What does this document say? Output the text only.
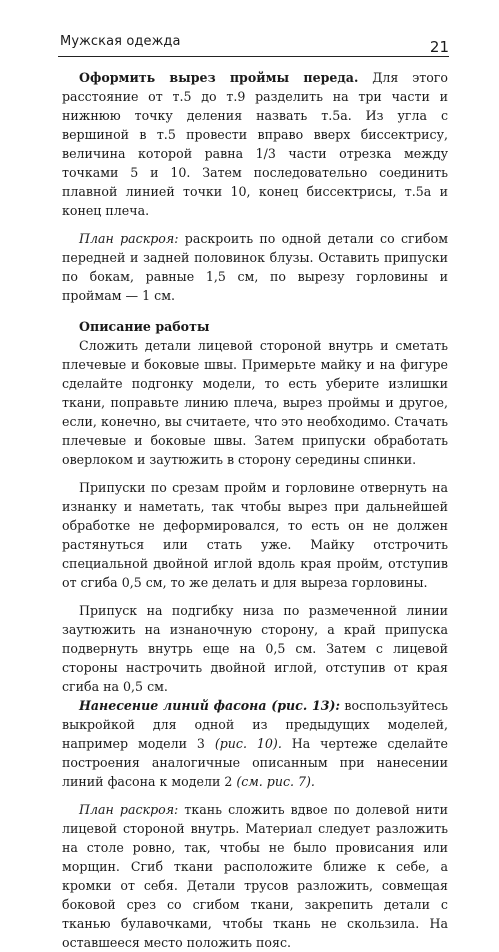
Мужская одежда	21

Оформить вырез проймы переда. Для этого расстояние от т.5 до т.9 разделить на три части и нижнюю точку деления назвать т.5а. Из угла с вершиной в т.5 провести вправо вверх биссектрису, величина которой равна 1/3 части отрезка между точками 5 и 10. Затем последовательно соединить плавной линией точки 10, конец биссектрисы, т.5а и конец плеча.

План раскроя: раскроить по одной детали со сгибом передней и задней половинок блузы. Оставить припуски по бокам, равные 1,5 см, по вырезу горловины и проймам — 1 см.

Описание работы

Сложить детали лицевой стороной внутрь и сметать плечевые и боковые швы. Примерьте майку и на фигуре сделайте подгонку модели, то есть уберите излишки ткани, поправьте линию плеча, вырез проймы и другое, если, конечно, вы считаете, что это необходимо. Стачать плечевые и боковые швы. Затем припуски обработать оверлоком и заутюжить в сторону середины спинки.

Припуски по срезам пройм и горловине отвернуть на изнанку и наметать, так чтобы вырез при дальнейшей обработке не деформировался, то есть он не должен растянуться или стать уже. Майку отстрочить специальной двойной иглой вдоль края пройм, отступив от сгиба 0,5 см, то же делать и для выреза горловины.

Припуск на подгибку низа по размеченной линии заутюжить на изнаночную сторону, а край припуска подвернуть внутрь еще на 0,5 см. Затем с лицевой стороны настрочить двойной иглой, отступив от края сгиба на 0,5 см.

Нанесение линий фасона (рис. 13): воспользуйтесь выкройкой для одной из предыдущих моделей, например модели 3 (рис. 10). На чертеже сделайте построения аналогичные описанным при нанесении линий фасона к модели 2 (см. рис. 7).

План раскроя: ткань сложить вдвое по долевой нити лицевой стороной внутрь. Материал следует разложить на столе ровно, так, чтобы не было провисания или морщин. Сгиб ткани расположите ближе к себе, а кромки от себя. Детали трусов разложить, совмещая боковой срез со сгибом ткани, закрепить детали с тканью булавочками, чтобы ткань не скользила. На оставшееся место положить пояс.
